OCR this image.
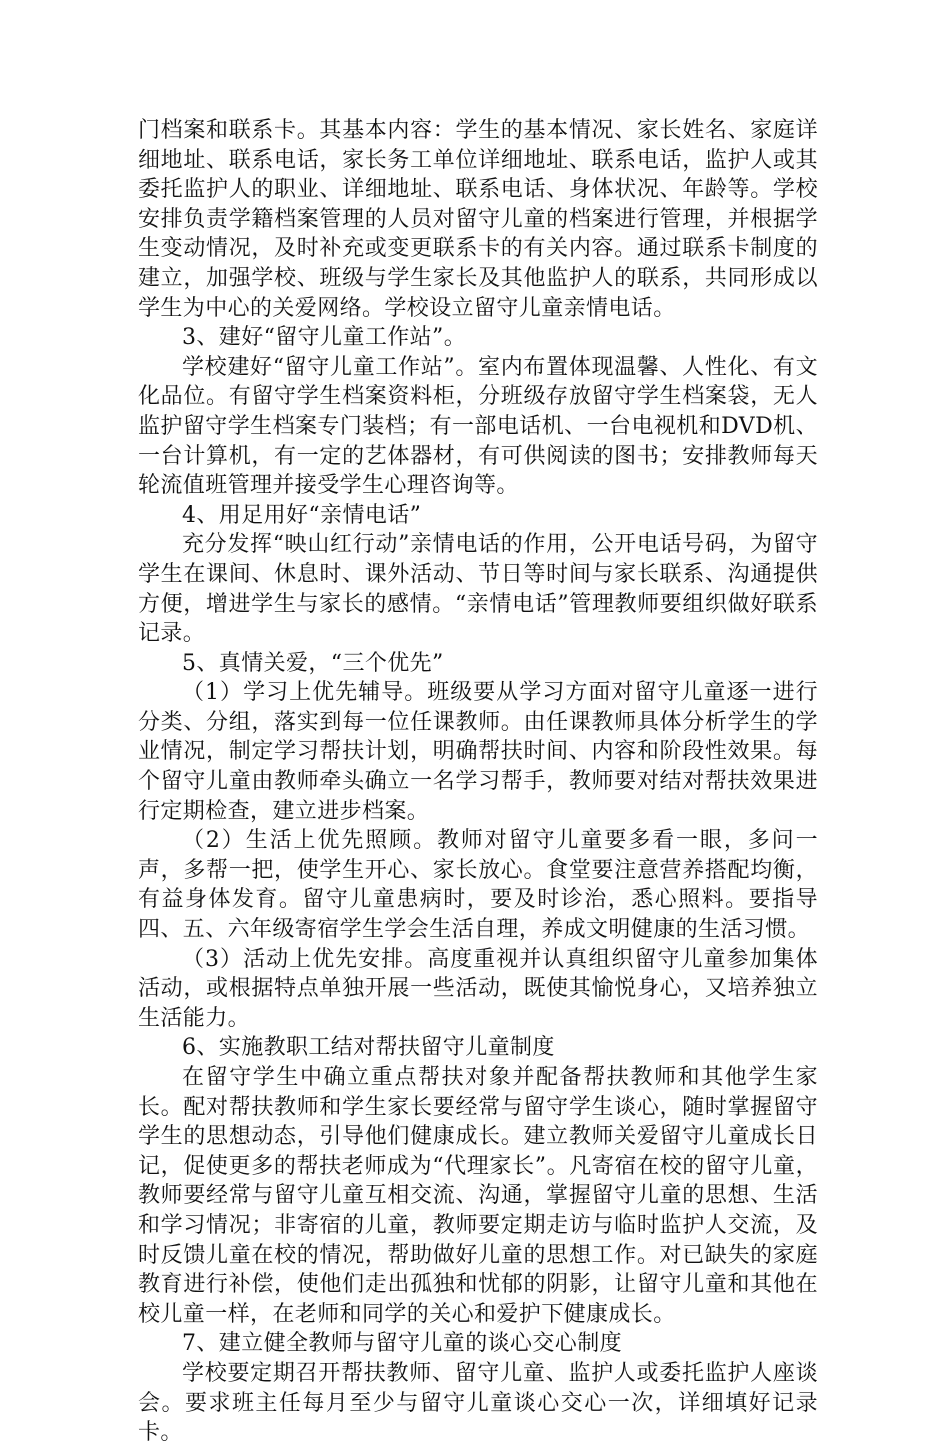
门档案和联系卡。其基本内容：学生的基本情况、家长姓名、家庭详细地址、联系电话，家长务工单位详细地址、联系电话，监护人或其委托监护人的职业、详细地址、联系电话、身体状况、年龄等。学校安排负责学籍档案管理的人员对留守儿童的档案进行管理，并根据学生变动情况，及时补充或变更联系卡的有关内容。通过联系卡制度的建立，加强学校、班级与学生家长及其他监护人的联系，共同形成以学生为中心的关爱网络。学校设立留守儿童亲情电话。

3、建好“留守儿童工作站”。

学校建好“留守儿童工作站”。室内布置体现温馨、人性化、有文化品位。有留守学生档案资料柜，分班级存放留守学生档案袋，无人监护留守学生档案专门装档；有一部电话机、一台电视机和DVD机、一台计算机，有一定的艺体器材，有可供阅读的图书；安排教师每天轮流值班管理并接受学生心理咨询等。

4、用足用好“亲情电话”

充分发挥“映山红行动”亲情电话的作用，公开电话号码，为留守学生在课间、休息时、课外活动、节日等时间与家长联系、沟通提供方便，增进学生与家长的感情。“亲情电话”管理教师要组织做好联系记录。

5、真情关爱，“三个优先”

（1）学习上优先辅导。班级要从学习方面对留守儿童逐一进行分类、分组，落实到每一位任课教师。由任课教师具体分析学生的学业情况，制定学习帮扶计划，明确帮扶时间、内容和阶段性效果。每个留守儿童由教师牵头确立一名学习帮手，教师要对结对帮扶效果进行定期检查，建立进步档案。

（2）生活上优先照顾。教师对留守儿童要多看一眼，多问一声，多帮一把，使学生开心、家长放心。食堂要注意营养搭配均衡，有益身体发育。留守儿童患病时，要及时诊治，悉心照料。要指导四、五、六年级寄宿学生学会生活自理，养成文明健康的生活习惯。

（3）活动上优先安排。高度重视并认真组织留守儿童参加集体活动，或根据特点单独开展一些活动，既使其愉悦身心，又培养独立生活能力。

6、实施教职工结对帮扶留守儿童制度

在留守学生中确立重点帮扶对象并配备帮扶教师和其他学生家长。配对帮扶教师和学生家长要经常与留守学生谈心，随时掌握留守学生的思想动态，引导他们健康成长。建立教师关爱留守儿童成长日记，促使更多的帮扶老师成为“代理家长”。凡寄宿在校的留守儿童，教师要经常与留守儿童互相交流、沟通，掌握留守儿童的思想、生活和学习情况；非寄宿的儿童，教师要定期走访与临时监护人交流，及时反馈儿童在校的情况，帮助做好儿童的思想工作。对已缺失的家庭教育进行补偿，使他们走出孤独和忧郁的阴影，让留守儿童和其他在校儿童一样，在老师和同学的关心和爱护下健康成长。

7、建立健全教师与留守儿童的谈心交心制度

学校要定期召开帮扶教师、留守儿童、监护人或委托监护人座谈会。要求班主任每月至少与留守儿童谈心交心一次，详细填好记录卡。
